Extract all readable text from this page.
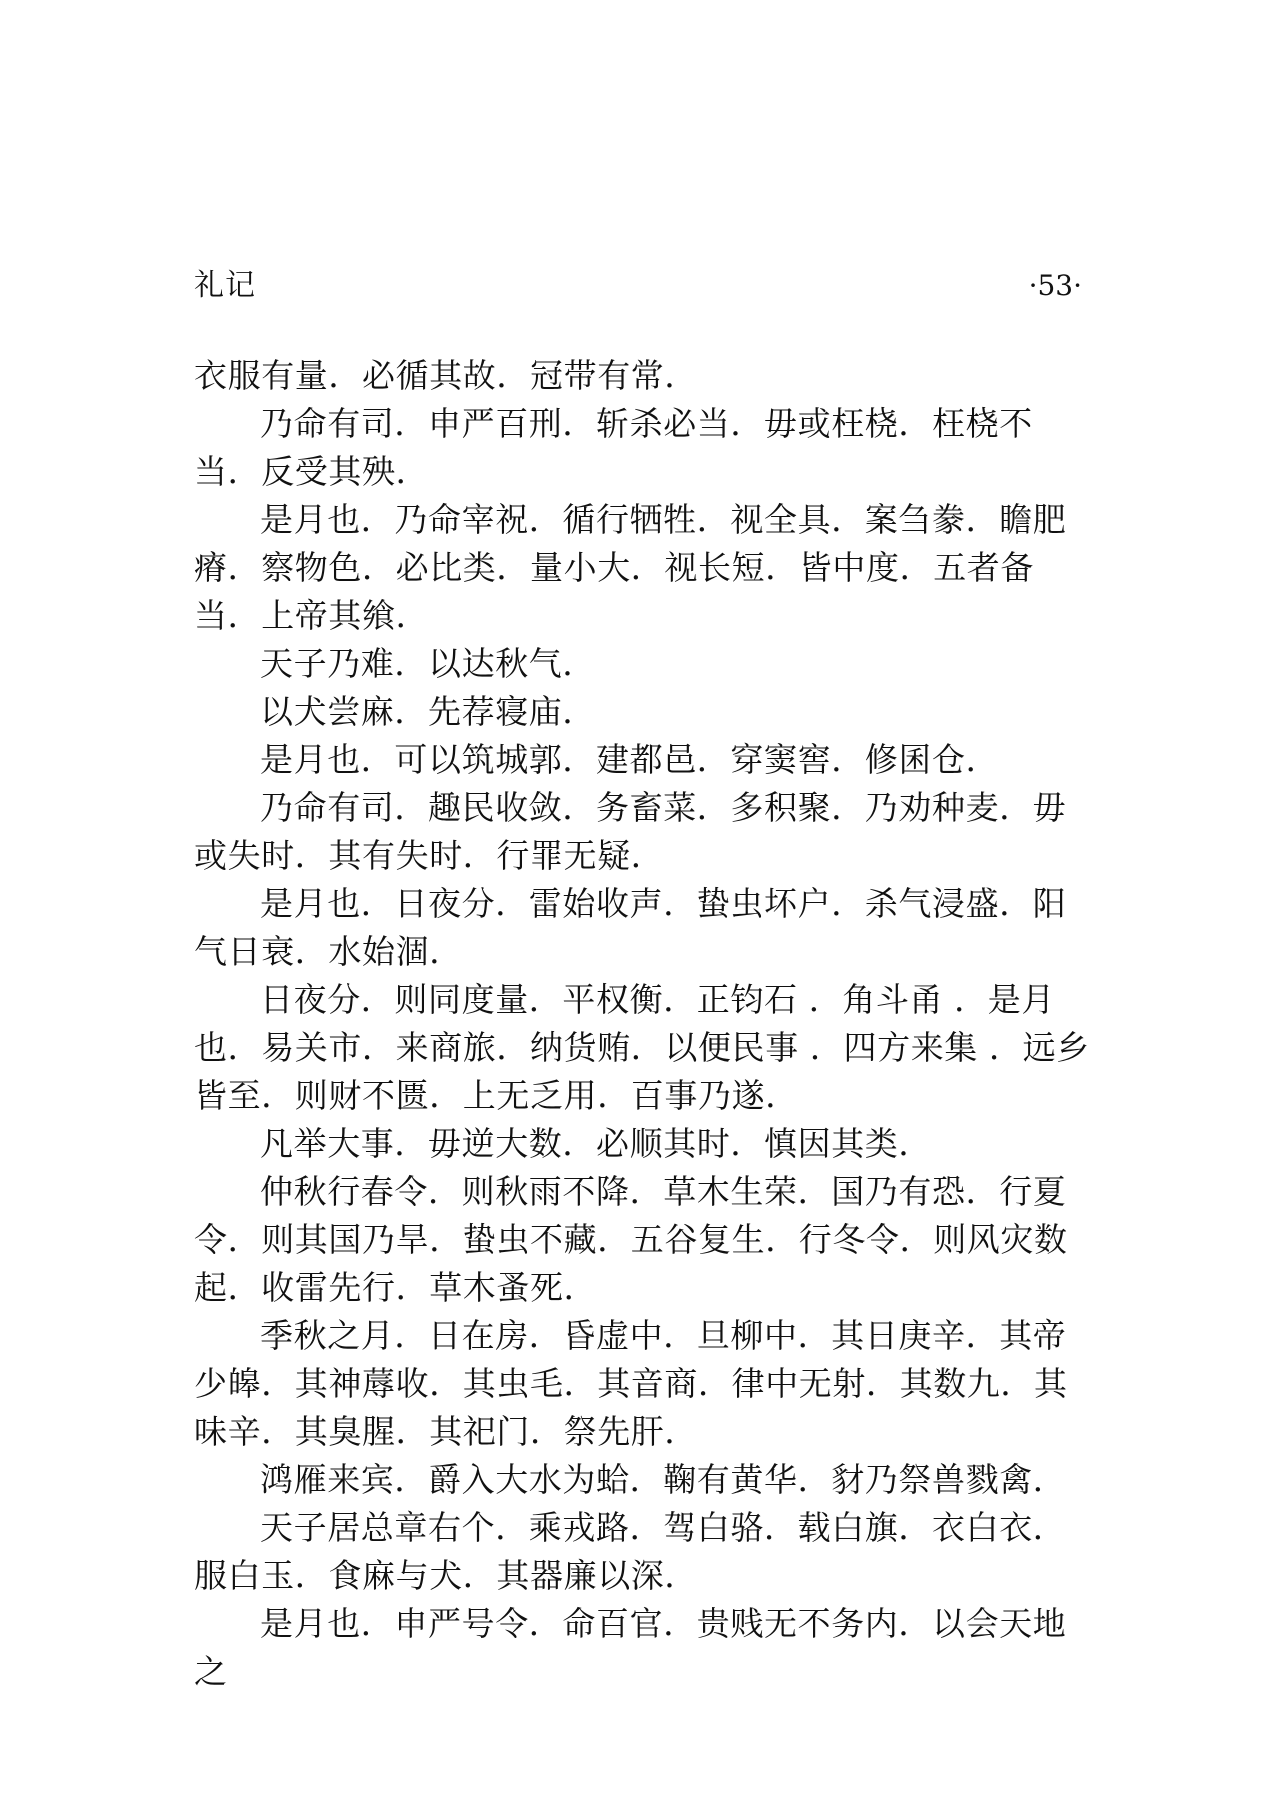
礼记	·53·

衣服有量．必循其故．冠带有常．

乃命有司．申严百刑．斩杀必当．毋或枉桡．枉桡不当．反受其殃．

是月也．乃命宰祝．循行牺牲．视全具．案刍豢．瞻肥瘠．察物色．必比类．量小大．视长短．皆中度．五者备当．上帝其飨．

天子乃难．以达秋气．

以犬尝麻．先荐寝庙．

是月也．可以筑城郭．建都邑．穿窦窖．修囷仓．

乃命有司．趣民收敛．务畜菜．多积聚．乃劝种麦．毋或失时．其有失时．行罪无疑．

是月也．日夜分．雷始收声．蛰虫坏户．杀气浸盛．阳气日衰．水始涸．

日夜分．则同度量．平权衡．正钧石 ．角斗甬 ．是月也．易关市．来商旅．纳货贿．以便民事 ．四方来集 ．远乡皆至．则财不匮．上无乏用．百事乃遂．

凡举大事．毋逆大数．必顺其时．慎因其类．

仲秋行春令．则秋雨不降．草木生荣．国乃有恐．行夏令．则其国乃旱．蛰虫不藏．五谷复生．行冬令．则风灾数起．收雷先行．草木蚤死．

季秋之月．日在房．昏虚中．旦柳中．其日庚辛．其帝少皞．其神蓐收．其虫毛．其音商．律中无射．其数九．其味辛．其臭腥．其祀门．祭先肝．

鸿雁来宾．爵入大水为蛤．鞠有黄华．豺乃祭兽戮禽．

天子居总章右个．乘戎路．驾白骆．载白旗．衣白衣．服白玉．食麻与犬．其器廉以深．

是月也．申严号令．命百官．贵贱无不务内．以会天地之
